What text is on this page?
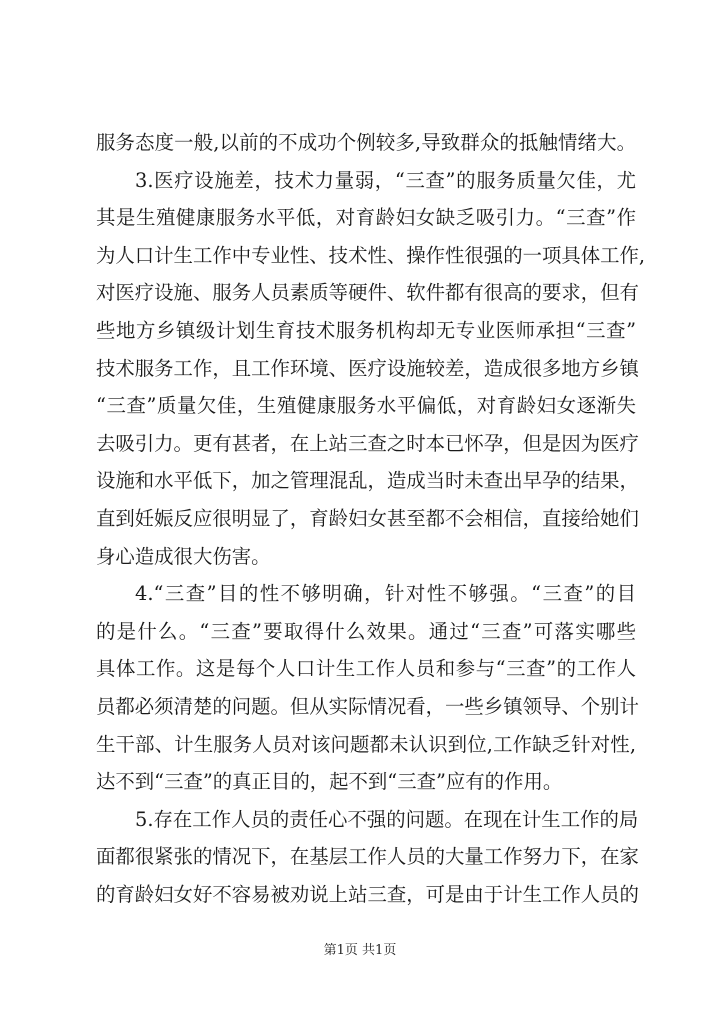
服务态度一般,以前的不成功个例较多,导致群众的抵触情绪大。
3.医疗设施差，技术力量弱，“三查”的服务质量欠佳，尤
其是生殖健康服务水平低，对育龄妇女缺乏吸引力。“三查”作
为人口计生工作中专业性、技术性、操作性很强的一项具体工作,
对医疗设施、服务人员素质等硬件、软件都有很高的要求，但有
些地方乡镇级计划生育技术服务机构却无专业医师承担“三查”
技术服务工作，且工作环境、医疗设施较差，造成很多地方乡镇
“三查”质量欠佳，生殖健康服务水平偏低，对育龄妇女逐渐失
去吸引力。更有甚者，在上站三查之时本已怀孕，但是因为医疗
设施和水平低下，加之管理混乱，造成当时未查出早孕的结果，
直到妊娠反应很明显了，育龄妇女甚至都不会相信，直接给她们
身心造成很大伤害。
4.“三查”目的性不够明确，针对性不够强。“三查”的目
的是什么。“三查”要取得什么效果。通过“三查”可落实哪些
具体工作。这是每个人口计生工作人员和参与“三查”的工作人
员都必须清楚的问题。但从实际情况看，一些乡镇领导、个别计
生干部、计生服务人员对该问题都未认识到位,工作缺乏针对性,
达不到“三查”的真正目的，起不到“三查”应有的作用。
5.存在工作人员的责任心不强的问题。在现在计生工作的局
面都很紧张的情况下，在基层工作人员的大量工作努力下，在家
的育龄妇女好不容易被劝说上站三查，可是由于计生工作人员的
第1页 共1页
